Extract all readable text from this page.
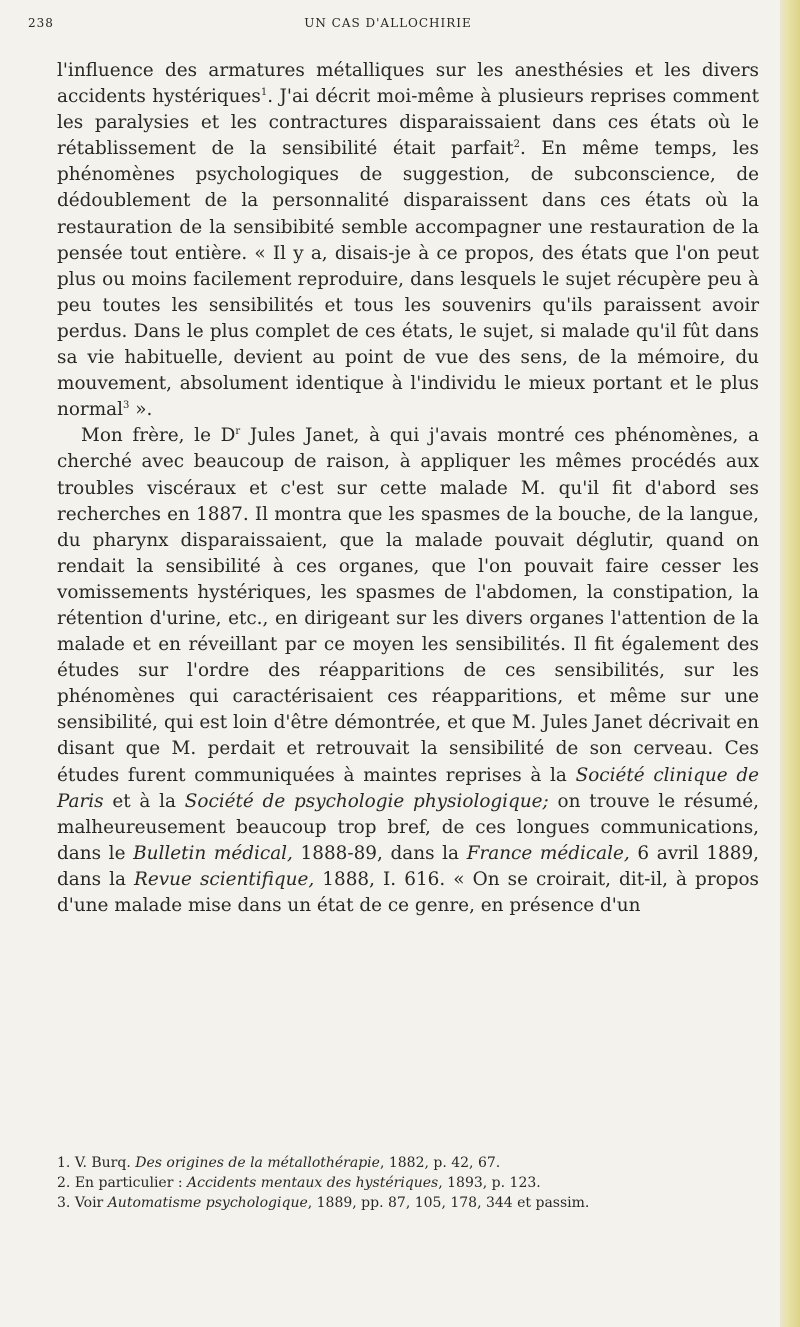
238	UN CAS D'ALLOCHIRIE

l'influence des armatures métalliques sur les anesthésies et les divers accidents hystériques$^1$. J'ai décrit moi-même à plusieurs reprises comment les paralysies et les contractures disparaissaient dans ces états où le rétablissement de la sensibilité était parfait$^2$. En même temps, les phénomènes psychologiques de suggestion, de subconscience, de dédoublement de la personnalité disparaissent dans ces états où la restauration de la sensibibité semble accompagner une restauration de la pensée tout entière. « Il y a, disais-je à ce propos, des états que l'on peut plus ou moins facilement reproduire, dans lesquels le sujet récupère peu à peu toutes les sensibilités et tous les souvenirs qu'ils paraissent avoir perdus. Dans le plus complet de ces états, le sujet, si malade qu'il fût dans sa vie habituelle, devient au point de vue des sens, de la mémoire, du mouvement, absolument identique à l'individu le mieux portant et le plus normal$^3$ ».

Mon frère, le $D^r$ Jules Janet, à qui j'avais montré ces phénomènes, a cherché avec beaucoup de raison, à appliquer les mêmes procédés aux troubles viscéraux et c'est sur cette malade M. qu'il fit d'abord ses recherches en 1887. Il montra que les spasmes de la bouche, de la langue, du pharynx disparaissaient, que la malade pouvait déglutir, quand on rendait la sensibilité à ces organes, que l'on pouvait faire cesser les vomissements hystériques, les spasmes de l'abdomen, la constipation, la rétention d'urine, etc., en dirigeant sur les divers organes l'attention de la malade et en réveillant par ce moyen les sensibilités. Il fit également des études sur l'ordre des réapparitions de ces sensibilités, sur les phénomènes qui caractérisaient ces réapparitions, et même sur une sensibilité, qui est loin d'être démontrée, et que M. Jules Janet décrivait en disant que M. perdait et retrouvait la sensibilité de son cerveau. Ces études furent communiquées à maintes reprises à la Société clinique de Paris et à la Société de psychologie physiologique; on trouve le résumé, malheureusement beaucoup trop bref, de ces longues communications, dans le Bulletin médical, 1888-89, dans la France médicale, 6 avril 1889, dans la Revue scientifique, 1888, I. 616. « On se croirait, dit-il, à propos d'une malade mise dans un état de ce genre, en présence d'un

1. V. Burq. Des origines de la métallothérapie, 1882, p. 42, 67.
2. En particulier : Accidents mentaux des hystériques, 1893, p. 123.
3. Voir Automatisme psychologique, 1889, pp. 87, 105, 178, 344 et passim.
